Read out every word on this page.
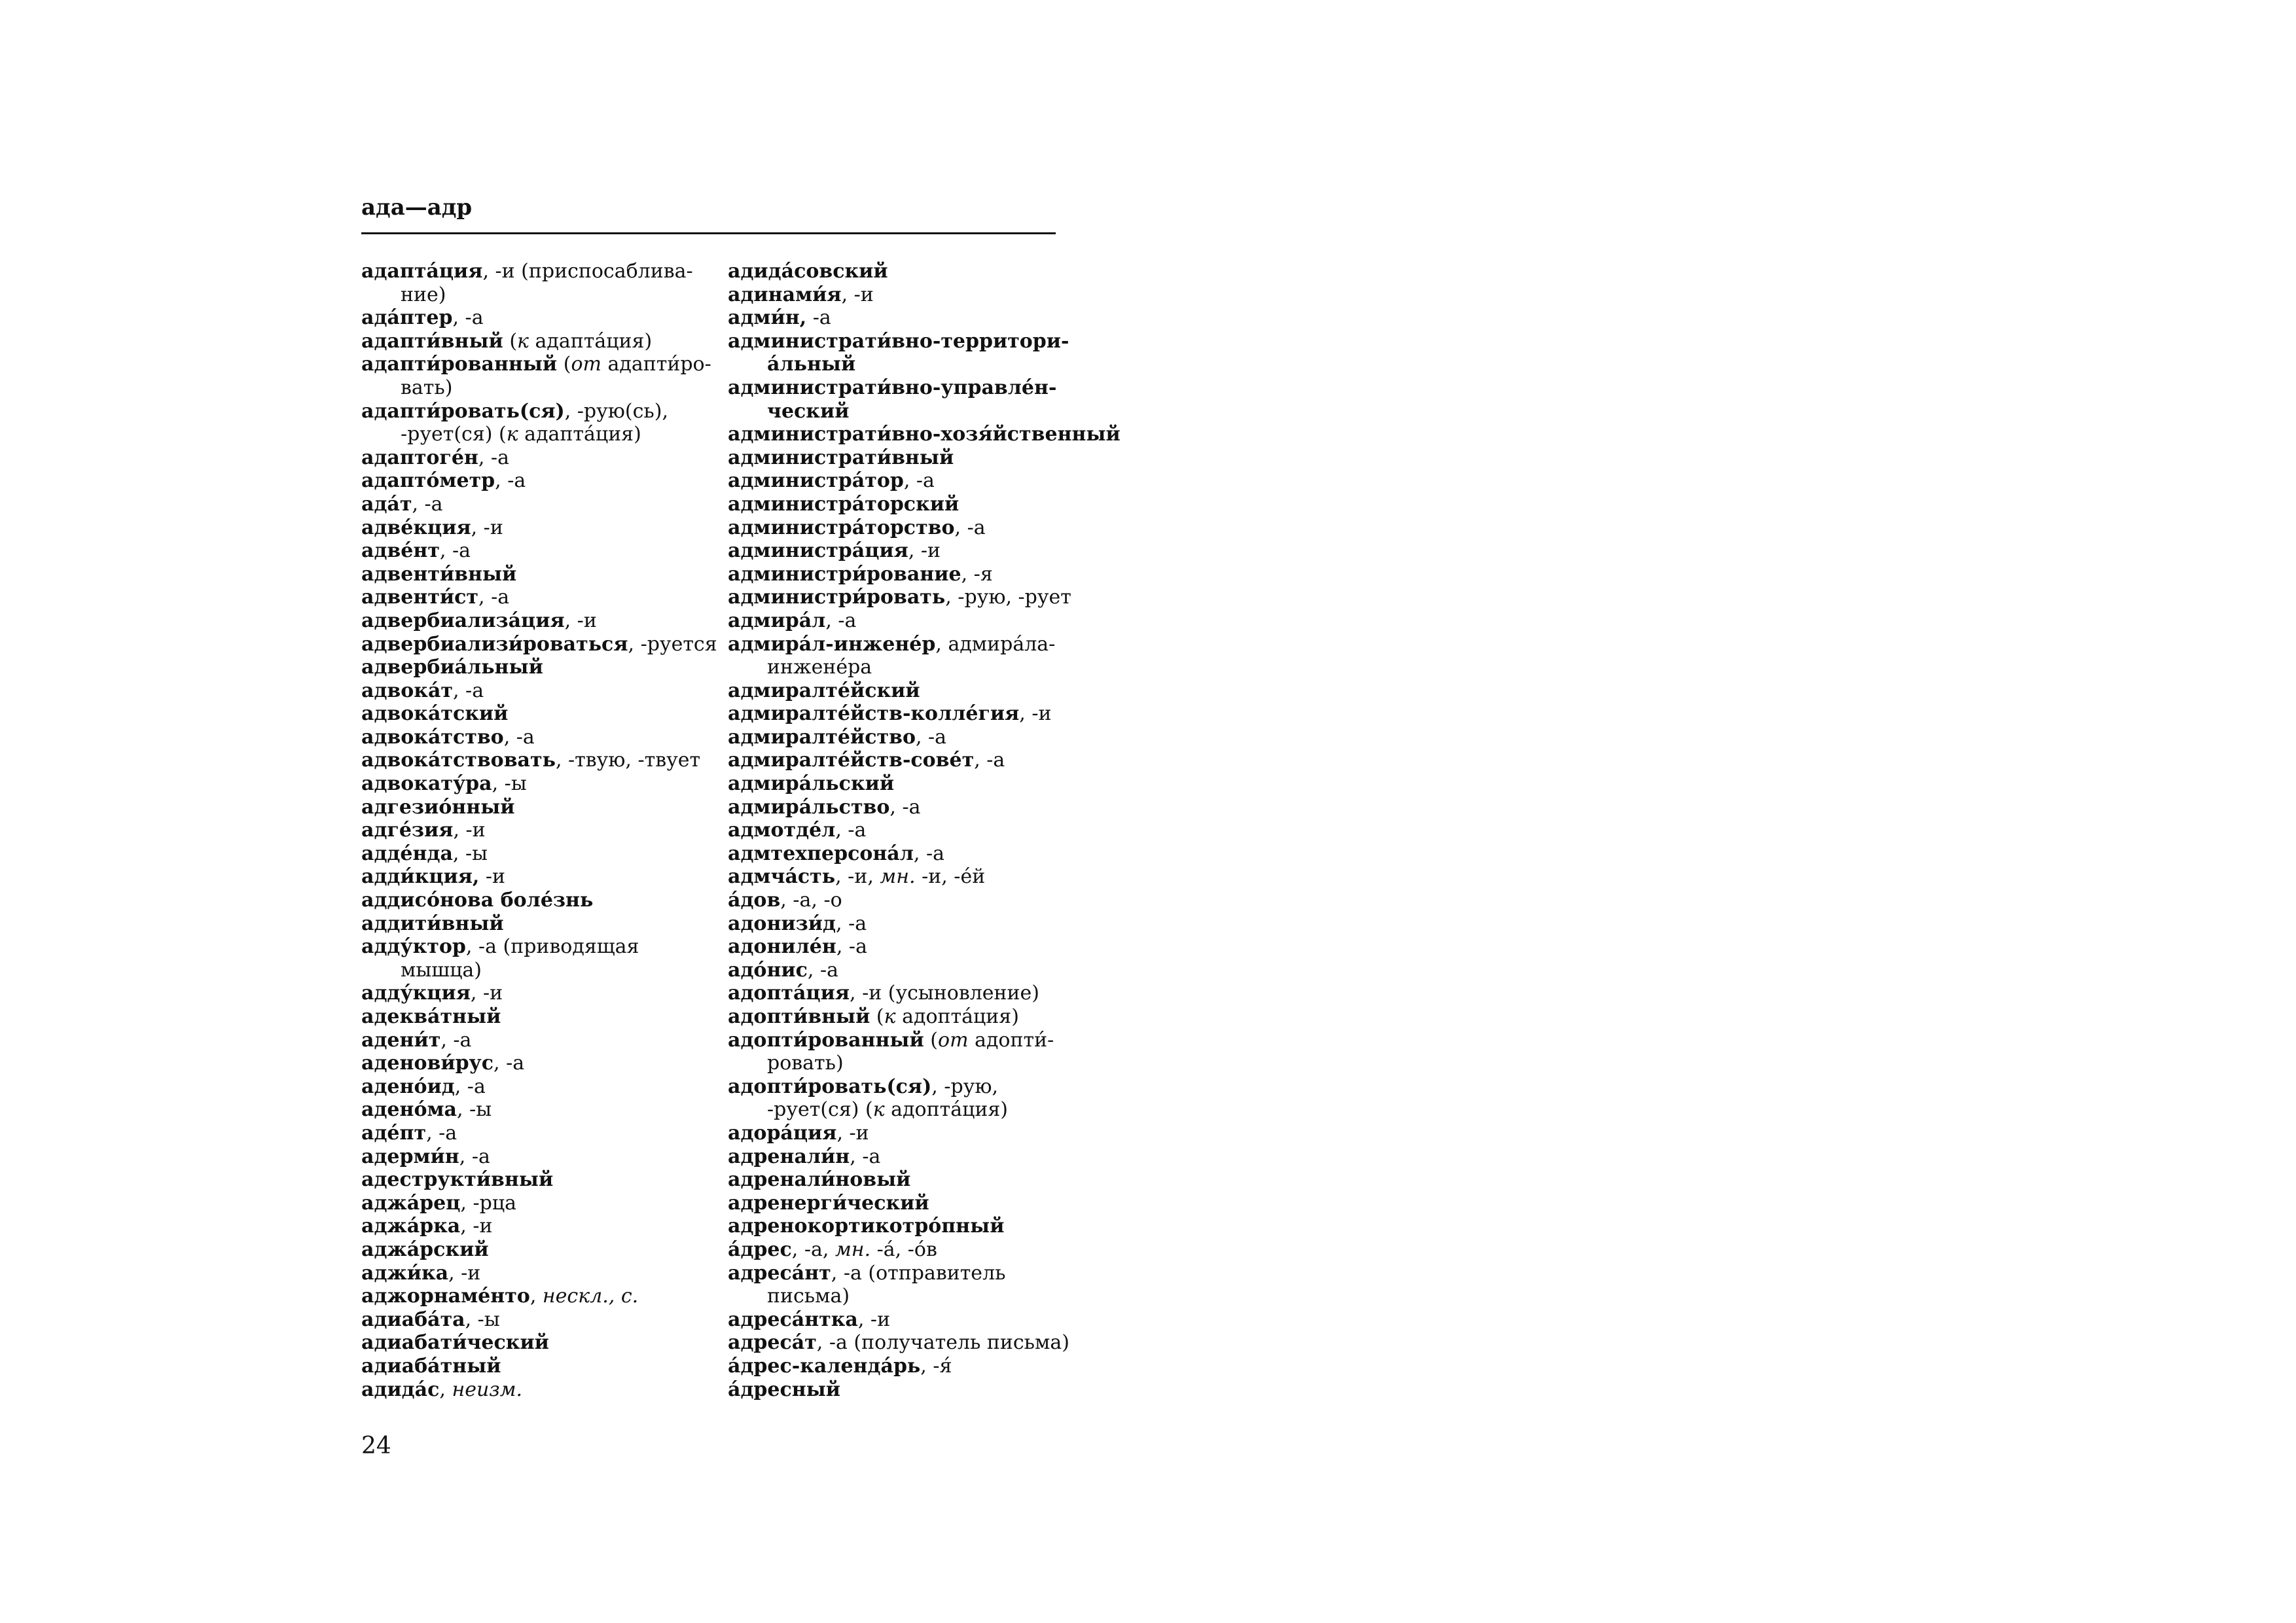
ада—адр
адапта́ция, -и (приспосаблива-
ние)
ада́птер, -а
адапти́вный (к адапта́ция)
адапти́рованный (от адапти́ро-
вать)
адапти́ровать(ся), -рую(сь),
-рует(ся) (к адапта́ция)
адаптоге́н, -а
адапто́метр, -а
ада́т, -а
адве́кция, -и
адве́нт, -а
адвенти́вный
адвенти́ст, -а
адвербиализа́ция, -и
адвербиализи́роваться, -руется
адвербиа́льный
адвока́т, -а
адвока́тский
адвока́тство, -а
адвока́тствовать, -твую, -твует
адвокату́ра, -ы
адгезио́нный
адге́зия, -и
адде́нда, -ы
адди́кция, -и
аддисо́нова боле́знь
аддити́вный
адду́ктор, -а (приводящая
мышца)
адду́кция, -и
адеква́тный
адени́т, -а
аденови́рус, -а
адено́ид, -а
адено́ма, -ы
аде́пт, -а
адерми́н, -а
адеструкти́вный
аджа́рец, -рца
аджа́рка, -и
аджа́рский
аджи́ка, -и
аджорнаме́нто, нескл., с.
адиаба́та, -ы
адиабати́ческий
адиаба́тный
адида́с, неизм.
адида́совский
адинами́я, -и
адми́н, -а
администрати́вно-территори-
а́льный
администрати́вно-управле́н-
ческий
администрати́вно-хозя́йственный
администрати́вный
администра́тор, -а
администра́торский
администра́торство, -а
администра́ция, -и
администри́рование, -я
администри́ровать, -рую, -рует
адмира́л, -а
адмира́л-инжене́р, адмира́ла-
инжене́ра
адмиралте́йский
адмиралте́йств-колле́гия, -и
адмиралте́йство, -а
адмиралте́йств-сове́т, -а
адмира́льский
адмира́льство, -а
адмотде́л, -а
адмтехперсона́л, -а
адмча́сть, -и, мн. -и, -е́й
а́дов, -а, -о
адонизи́д, -а
адониле́н, -а
адо́нис, -а
адопта́ция, -и (усыновление)
адопти́вный (к адопта́ция)
адопти́рованный (от адопти́-
ровать)
адопти́ровать(ся), -рую,
-рует(ся) (к адопта́ция)
адора́ция, -и
адренали́н, -а
адренали́новый
адренерги́ческий
адренокортикотро́пный
а́дрес, -а, мн. -а́, -о́в
адреса́нт, -а (отправитель
письма)
адреса́нтка, -и
адреса́т, -а (получатель письма)
а́дрес-календа́рь, -я́
а́дресный
24
